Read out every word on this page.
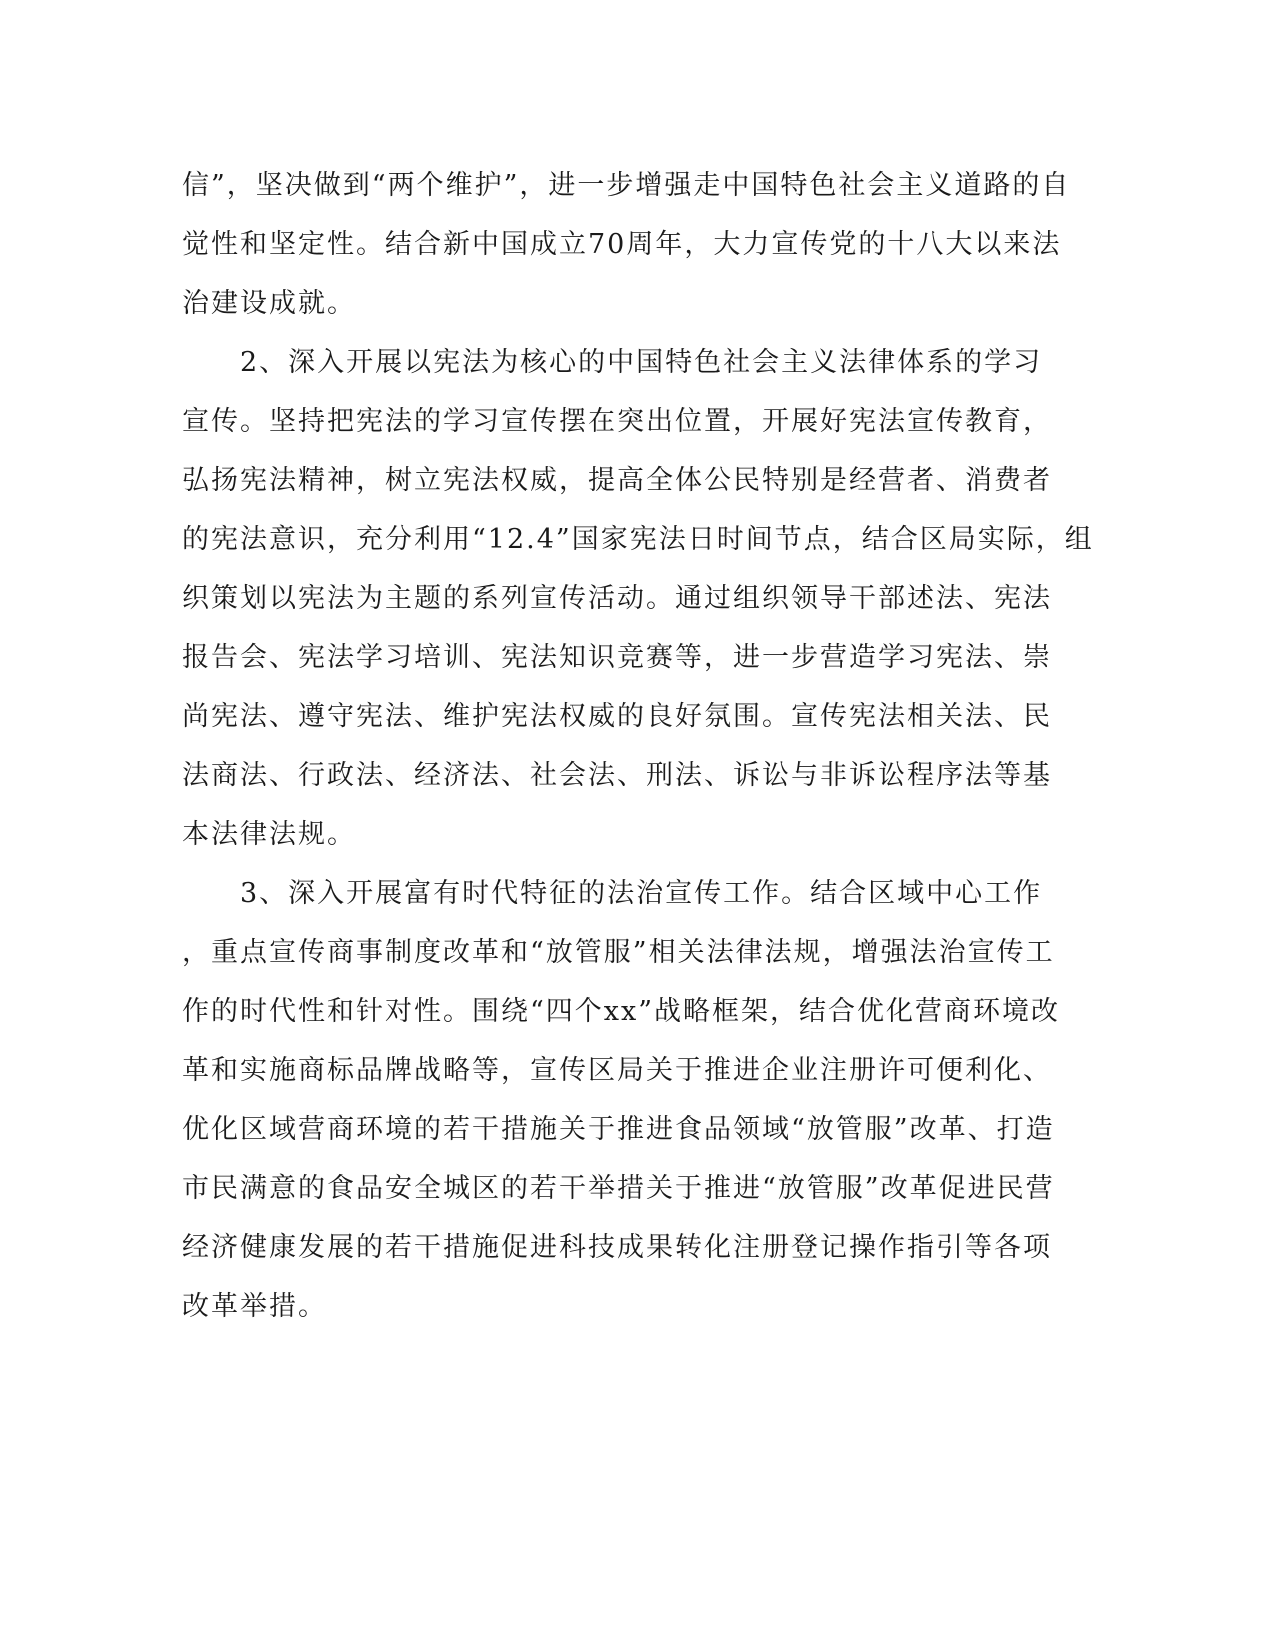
信”，坚决做到“两个维护”，进一步增强走中国特色社会主义道路的自
觉性和坚定性。结合新中国成立70周年，大力宣传党的十八大以来法
治建设成就。
　　2、深入开展以宪法为核心的中国特色社会主义法律体系的学习
宣传。坚持把宪法的学习宣传摆在突出位置，开展好宪法宣传教育，
弘扬宪法精神，树立宪法权威，提高全体公民特别是经营者、消费者
的宪法意识，充分利用“12.4”国家宪法日时间节点，结合区局实际，组
织策划以宪法为主题的系列宣传活动。通过组织领导干部述法、宪法
报告会、宪法学习培训、宪法知识竞赛等，进一步营造学习宪法、崇
尚宪法、遵守宪法、维护宪法权威的良好氛围。宣传宪法相关法、民
法商法、行政法、经济法、社会法、刑法、诉讼与非诉讼程序法等基
本法律法规。
　　3、深入开展富有时代特征的法治宣传工作。结合区域中心工作
，重点宣传商事制度改革和“放管服”相关法律法规，增强法治宣传工
作的时代性和针对性。围绕“四个xx”战略框架，结合优化营商环境改
革和实施商标品牌战略等，宣传区局关于推进企业注册许可便利化、
优化区域营商环境的若干措施关于推进食品领域“放管服”改革、打造
市民满意的食品安全城区的若干举措关于推进“放管服”改革促进民营
经济健康发展的若干措施促进科技成果转化注册登记操作指引等各项
改革举措。
